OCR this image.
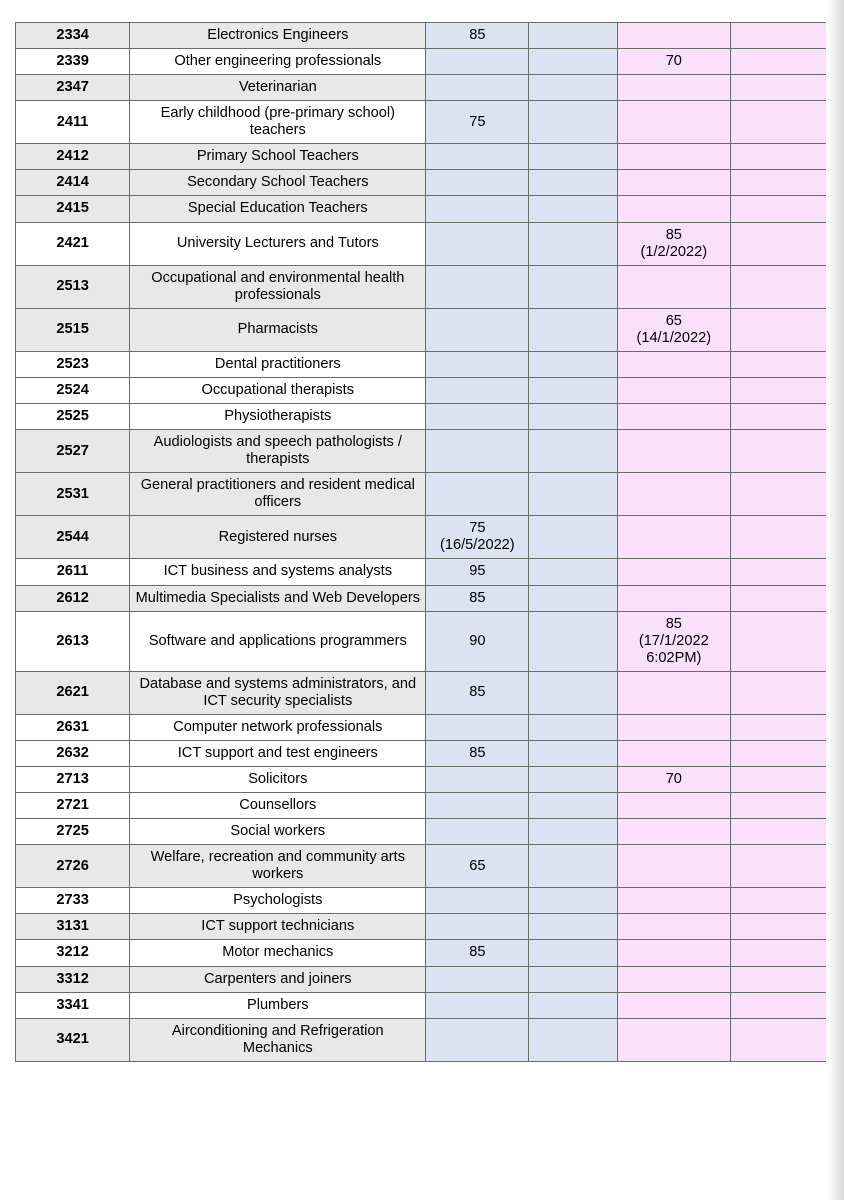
2334	Electronics Engineers	85			
2339	Other engineering professionals			70	
2347	Veterinarian				
2411	Early childhood (pre-primary school) teachers	75			
2412	Primary School Teachers				
2414	Secondary School Teachers				
2415	Special Education Teachers				
2421	University Lecturers and Tutors			85
(1/2/2022)	

2513	Occupational and environmental health professionals				
2515	Pharmacists			65
(14/1/2022)	

2523	Dental practitioners				
2524	Occupational therapists				
2525	Physiotherapists				
2527	Audiologists and speech pathologists / therapists				
2531	General practitioners and resident medical officers				
2544	Registered nurses	75
(16/5/2022)			

2611	ICT business and systems analysts	95			
2612	Multimedia Specialists and Web Developers	85			
2613	Software and applications programmers	90		85
(17/1/2022
6:02PM)	

2621	Database and systems administrators, and ICT security specialists	85			
2631	Computer network professionals				
2632	ICT support and test engineers	85			
2713	Solicitors			70	
2721	Counsellors				
2725	Social workers				
2726	Welfare, recreation and community arts workers	65			
2733	Psychologists				
3131	ICT support technicians				
3212	Motor mechanics	85			
3312	Carpenters and joiners				
3341	Plumbers				
3421	Airconditioning and Refrigeration Mechanics				
